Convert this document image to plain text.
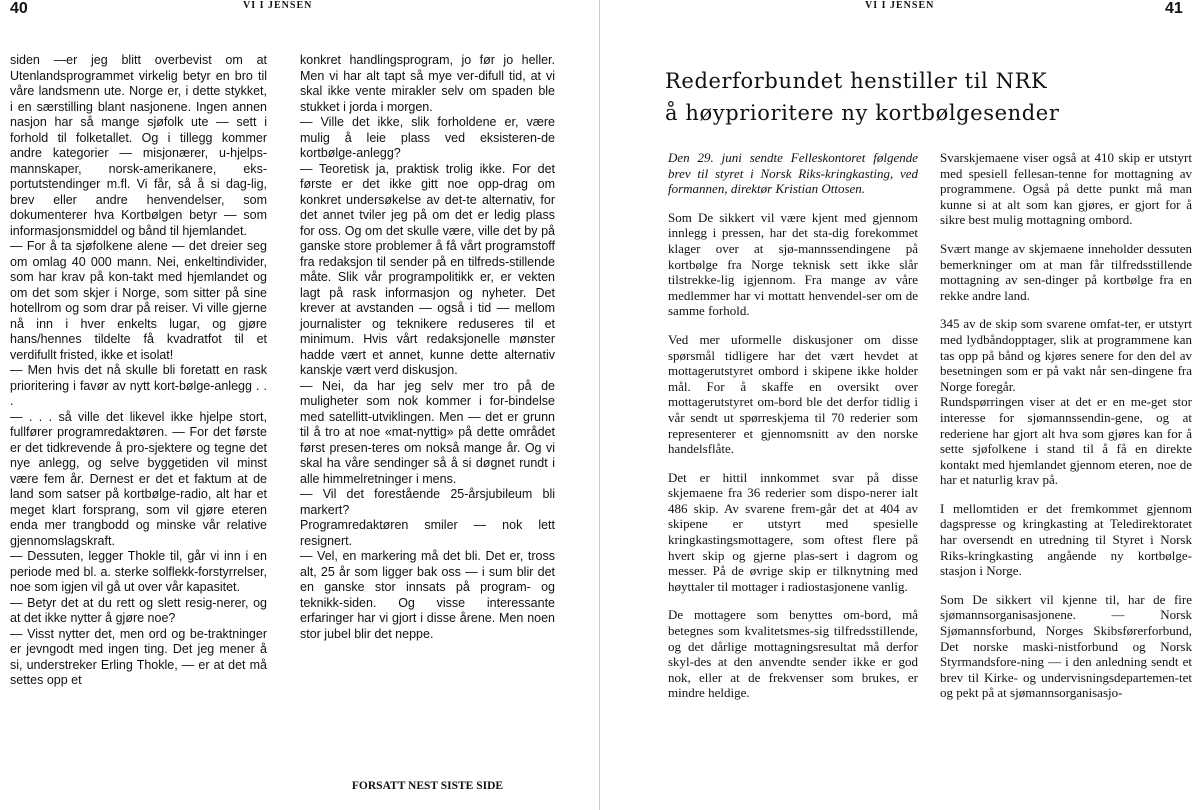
40	VI I JENSEN

siden —er jeg blitt overbevist om at Utenlandsprogrammet virkelig betyr en bro til våre landsmenn ute. Norge er, i dette stykket, i en særstilling blant nasjonene. Ingen annen nasjon har så mange sjøfolk ute — sett i forhold til folketallet. Og i tillegg kommer andre kategorier — misjonærer, u-hjelps-mannskaper, norsk-amerikanere, eks-portutstendinger m.fl. Vi får, så å si dag-lig, brev eller andre henvendelser, som dokumenterer hva Kortbølgen betyr — som informasjonsmiddel og bånd til hjemlandet.

— For å ta sjøfolkene alene — det dreier seg om omlag 40 000 mann. Nei, enkeltindivider, som har krav på kon-takt med hjemlandet og om det som skjer i Norge, som sitter på sine hotellrom og som drar på reiser. Vi ville gjerne nå inn i hver enkelts lugar, og gjøre hans/hennes tildelte få kvadratfot til et verdifullt fristed, ikke et isolat!

— Men hvis det nå skulle bli foretatt en rask prioritering i favør av nytt kort-bølge-anlegg . . .

— . . . så ville det likevel ikke hjelpe stort, fullfører programredaktøren. — For det første er det tidkrevende å pro-sjektere og tegne det nye anlegg, og selve byggetiden vil minst være fem år. Dernest er det et faktum at de land som satser på kortbølge-radio, alt har et meget klart forsprang, som vil gjøre eteren enda mer trangbodd og minske vår relative gjennomslagskraft.

— Dessuten, legger Thokle til, går vi inn i en periode med bl. a. sterke solflekk-forstyrrelser, noe som igjen vil gå ut over vår kapasitet.

— Betyr det at du rett og slett resig-nerer, og at det ikke nytter å gjøre noe?

— Visst nytter det, men ord og be-traktninger er jevngodt med ingen ting. Det jeg mener å si, understreker Erling Thokle, — er at det må settes opp et

konkret handlingsprogram, jo før jo heller. Men vi har alt tapt så mye ver-difull tid, at vi skal ikke vente mirakler selv om spaden ble stukket i jorda i morgen.

— Ville det ikke, slik forholdene er, være mulig å leie plass ved eksisteren-de kortbølge-anlegg?

— Teoretisk ja, praktisk trolig ikke. For det første er det ikke gitt noe opp-drag om konkret undersøkelse av det-te alternativ, for det annet tviler jeg på om det er ledig plass for oss. Og om det skulle være, ville det by på ganske store problemer å få vårt programstoff fra redaksjon til sender på en tilfreds-stillende måte. Slik vår programpolitikk er, er vekten lagt på rask informasjon og nyheter. Det krever at avstanden — også i tid — mellom journalister og teknikere reduseres til et minimum. Hvis vårt redaksjonelle mønster hadde vært et annet, kunne dette alternativ kanskje vært verd diskusjon.

— Nei, da har jeg selv mer tro på de muligheter som nok kommer i for-bindelse med satellitt-utviklingen. Men — det er grunn til å tro at noe «mat-nyttig» på dette området først presen-teres om nokså mange år. Og vi skal ha våre sendinger så å si døgnet rundt i alle himmelretninger i mens.

— Vil det forestående 25-årsjubileum bli markert?

Programredaktøren smiler — nok lett resignert.

— Vel, en markering må det bli. Det er, tross alt, 25 år som ligger bak oss — i sum blir det en ganske stor innsats på program- og teknikk-siden. Og visse interessante erfaringer har vi gjort i disse årene. Men noen stor jubel blir det neppe.

FORSATT NEST SISTE SIDE
VI I JENSEN	41
Rederforbundet henstiller til NRK
å høyprioritere ny kortbølgesender

Den 29. juni sendte Felleskontoret følgende brev til styret i Norsk Riks-kringkasting, ved formannen, direktør Kristian Ottosen.

Som De sikkert vil være kjent med gjennom innlegg i pressen, har det sta-dig forekommet klager over at sjø-mannssendingene på kortbølge fra Norge teknisk sett ikke slår tilstrekke-lig igjennom. Fra mange av våre medlemmer har vi mottatt henvendel-ser om de samme forhold.

Ved mer uformelle diskusjoner om disse spørsmål tidligere har det vært hevdet at mottagerutstyret ombord i skipene ikke holder mål. For å skaffe en oversikt over mottagerutstyret om-bord ble det derfor tidlig i vår sendt ut spørreskjema til 70 rederier som representerer et gjennomsnitt av den norske handelsflåte.

Det er hittil innkommet svar på disse skjemaene fra 36 rederier som dispo-nerer ialt 486 skip. Av svarene frem-går det at 404 av skipene er utstyrt med spesielle kringkastingsmottagere, som oftest flere på hvert skip og gjerne plas-sert i dagrom og messer. På de øvrige skip er tilknytning med høyttaler til mottager i radiostasjonene vanlig.

De mottagere som benyttes om-bord, må betegnes som kvalitetsmes-sig tilfredsstillende, og det dårlige mottagningsresultat må derfor skyl-des at den anvendte sender ikke er god nok, eller at de frekvenser som brukes, er mindre heldige.

Svarskjemaene viser også at 410 skip er utstyrt med spesiell fellesan-tenne for mottagning av programmene. Også på dette punkt må man kunne si at alt som kan gjøres, er gjort for å sikre best mulig mottagning ombord.

Svært mange av skjemaene inneholder dessuten bemerkninger om at man får tilfredsstillende mottagning av sen-dinger på kortbølge fra en rekke andre land.

345 av de skip som svarene omfat-ter, er utstyrt med lydbåndopptager, slik at programmene kan tas opp på bånd og kjøres senere for den del av besetningen som er på vakt når sen-dingene fra Norge foregår.

Rundspørringen viser at det er en me-get stor interesse for sjømannssendin-gene, og at rederiene har gjort alt hva som gjøres kan for å sette sjøfolkene i stand til å få en direkte kontakt med hjemlandet gjennom eteren, noe de har et naturlig krav på.

I mellomtiden er det fremkommet gjennom dagspresse og kringkasting at Teledirektoratet har oversendt en utredning til Styret i Norsk Riks-kringkasting angående ny kortbølge-stasjon i Norge.

Som De sikkert vil kjenne til, har de fire sjømannsorganisasjonene. — Norsk Sjømannsforbund, Norges Skibsførerforbund, Det norske maski-nistforbund og Norsk Styrmandsfore-ning — i den anledning sendt et brev til Kirke- og undervisningsdepartemen-tet og pekt på at sjømannsorganisasjo-
